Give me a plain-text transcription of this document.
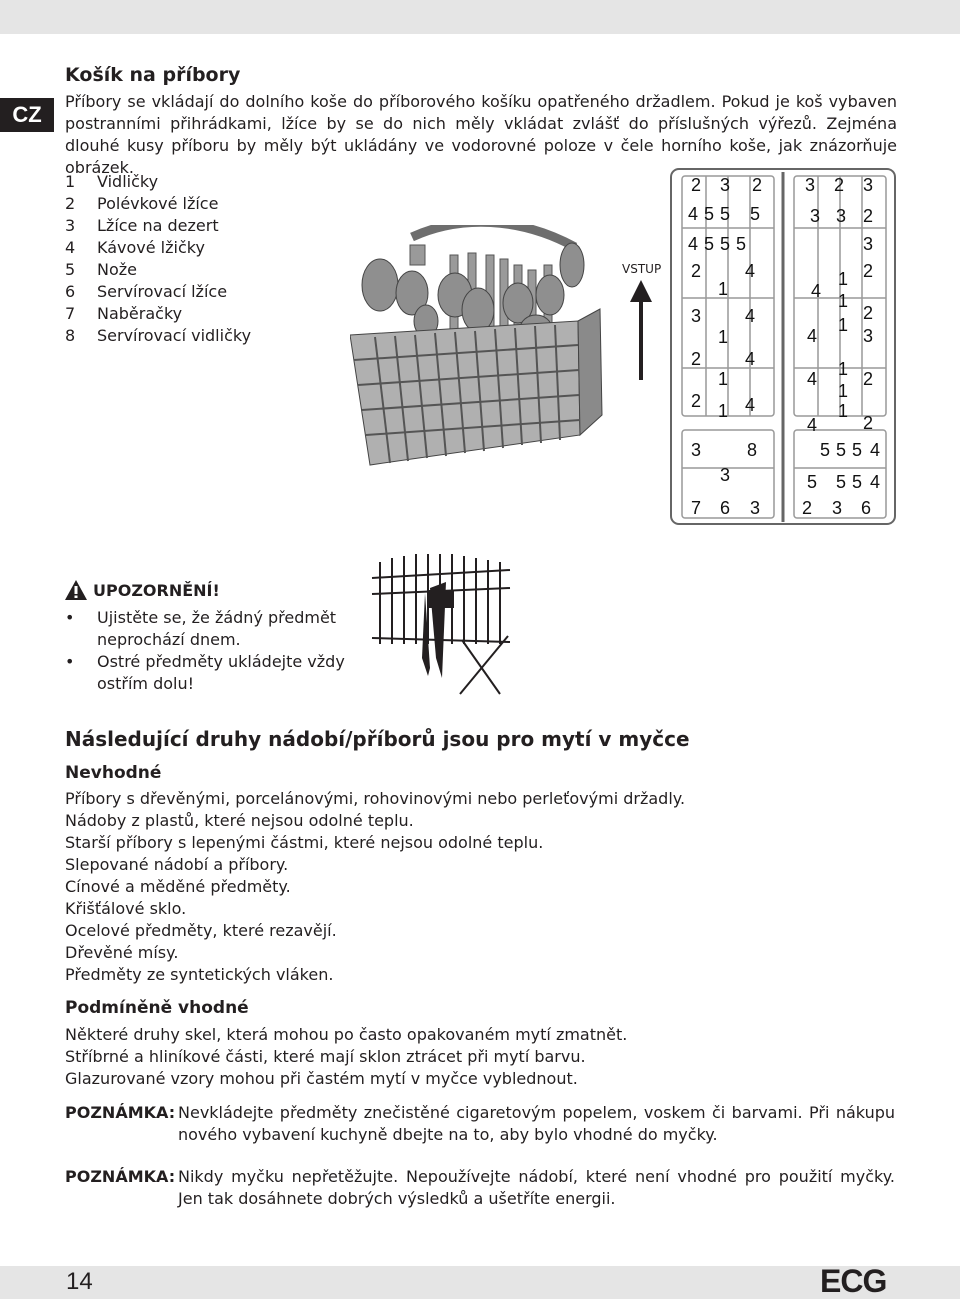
CZ
Košík na příbory

Příbory se vkládají do dolního koše do příborového košíku opatřeného držadlem. Pokud je koš vybaven postranními přihrádkami, lžíce by se do nich měly vkládat zvlášť do příslušných výřezů. Zejména dlouhé kusy příboru by měly být ukládány ve vodorovné poloze v čele horního koše, jak znázorňuje obrázek.

1	Vidličky
2	Polévkové lžíce
3	Lžíce na dezert
4	Kávové lžičky
5	Nože
6	Servírovací lžíce
7	Naběračky
8	Servírovací vidličky
VSTUP
2	3	2
4 5 5	5
4 5 5 5
2	4
1
3	4
1
2	4
1
2	4
1
3	8
3
7	6	3
3	2	3
3 3 2
3
1 2
4 1
2
4
1
3
1 2
4
1
1
2
4
5 5 5 4
5	5 5 4
2	3	6
UPOZORNĚNÍ!
• Ujistěte se, že žádný předmět neprochází dnem.
• Ostré předměty ukládejte vždy ostřím dolu!
Následující druhy nádobí/příborů jsou pro mytí v myčce
Nevhodné
Příbory s dřevěnými, porcelánovými, rohovinovými nebo perleťovými držadly.
Nádoby z plastů, které nejsou odolné teplu.
Starší příbory s lepenými částmi, které nejsou odolné teplu.
Slepované nádobí a příbory.
Cínové a měděné předměty.
Křišťálové sklo.
Ocelové předměty, které rezavějí.
Dřevěné mísy.
Předměty ze syntetických vláken.
Podmíněně vhodné
Některé druhy skel, která mohou po často opakovaném mytí zmatnět.
Stříbrné a hliníkové části, které mají sklon ztrácet při mytí barvu.
Glazurované vzory mohou při častém mytí v myčce vyblednout.
POZNÁMKA: Nevkládejte předměty znečistěné cigaretovým popelem, voskem či barvami. Při nákupu nového vybavení kuchyně dbejte na to, aby bylo vhodné do myčky.
POZNÁMKA: Nikdy myčku nepřetěžujte. Nepoužívejte nádobí, které není vhodné pro použití myčky. Jen tak dosáhnete dobrých výsledků a ušetříte energii.
14	ECG
